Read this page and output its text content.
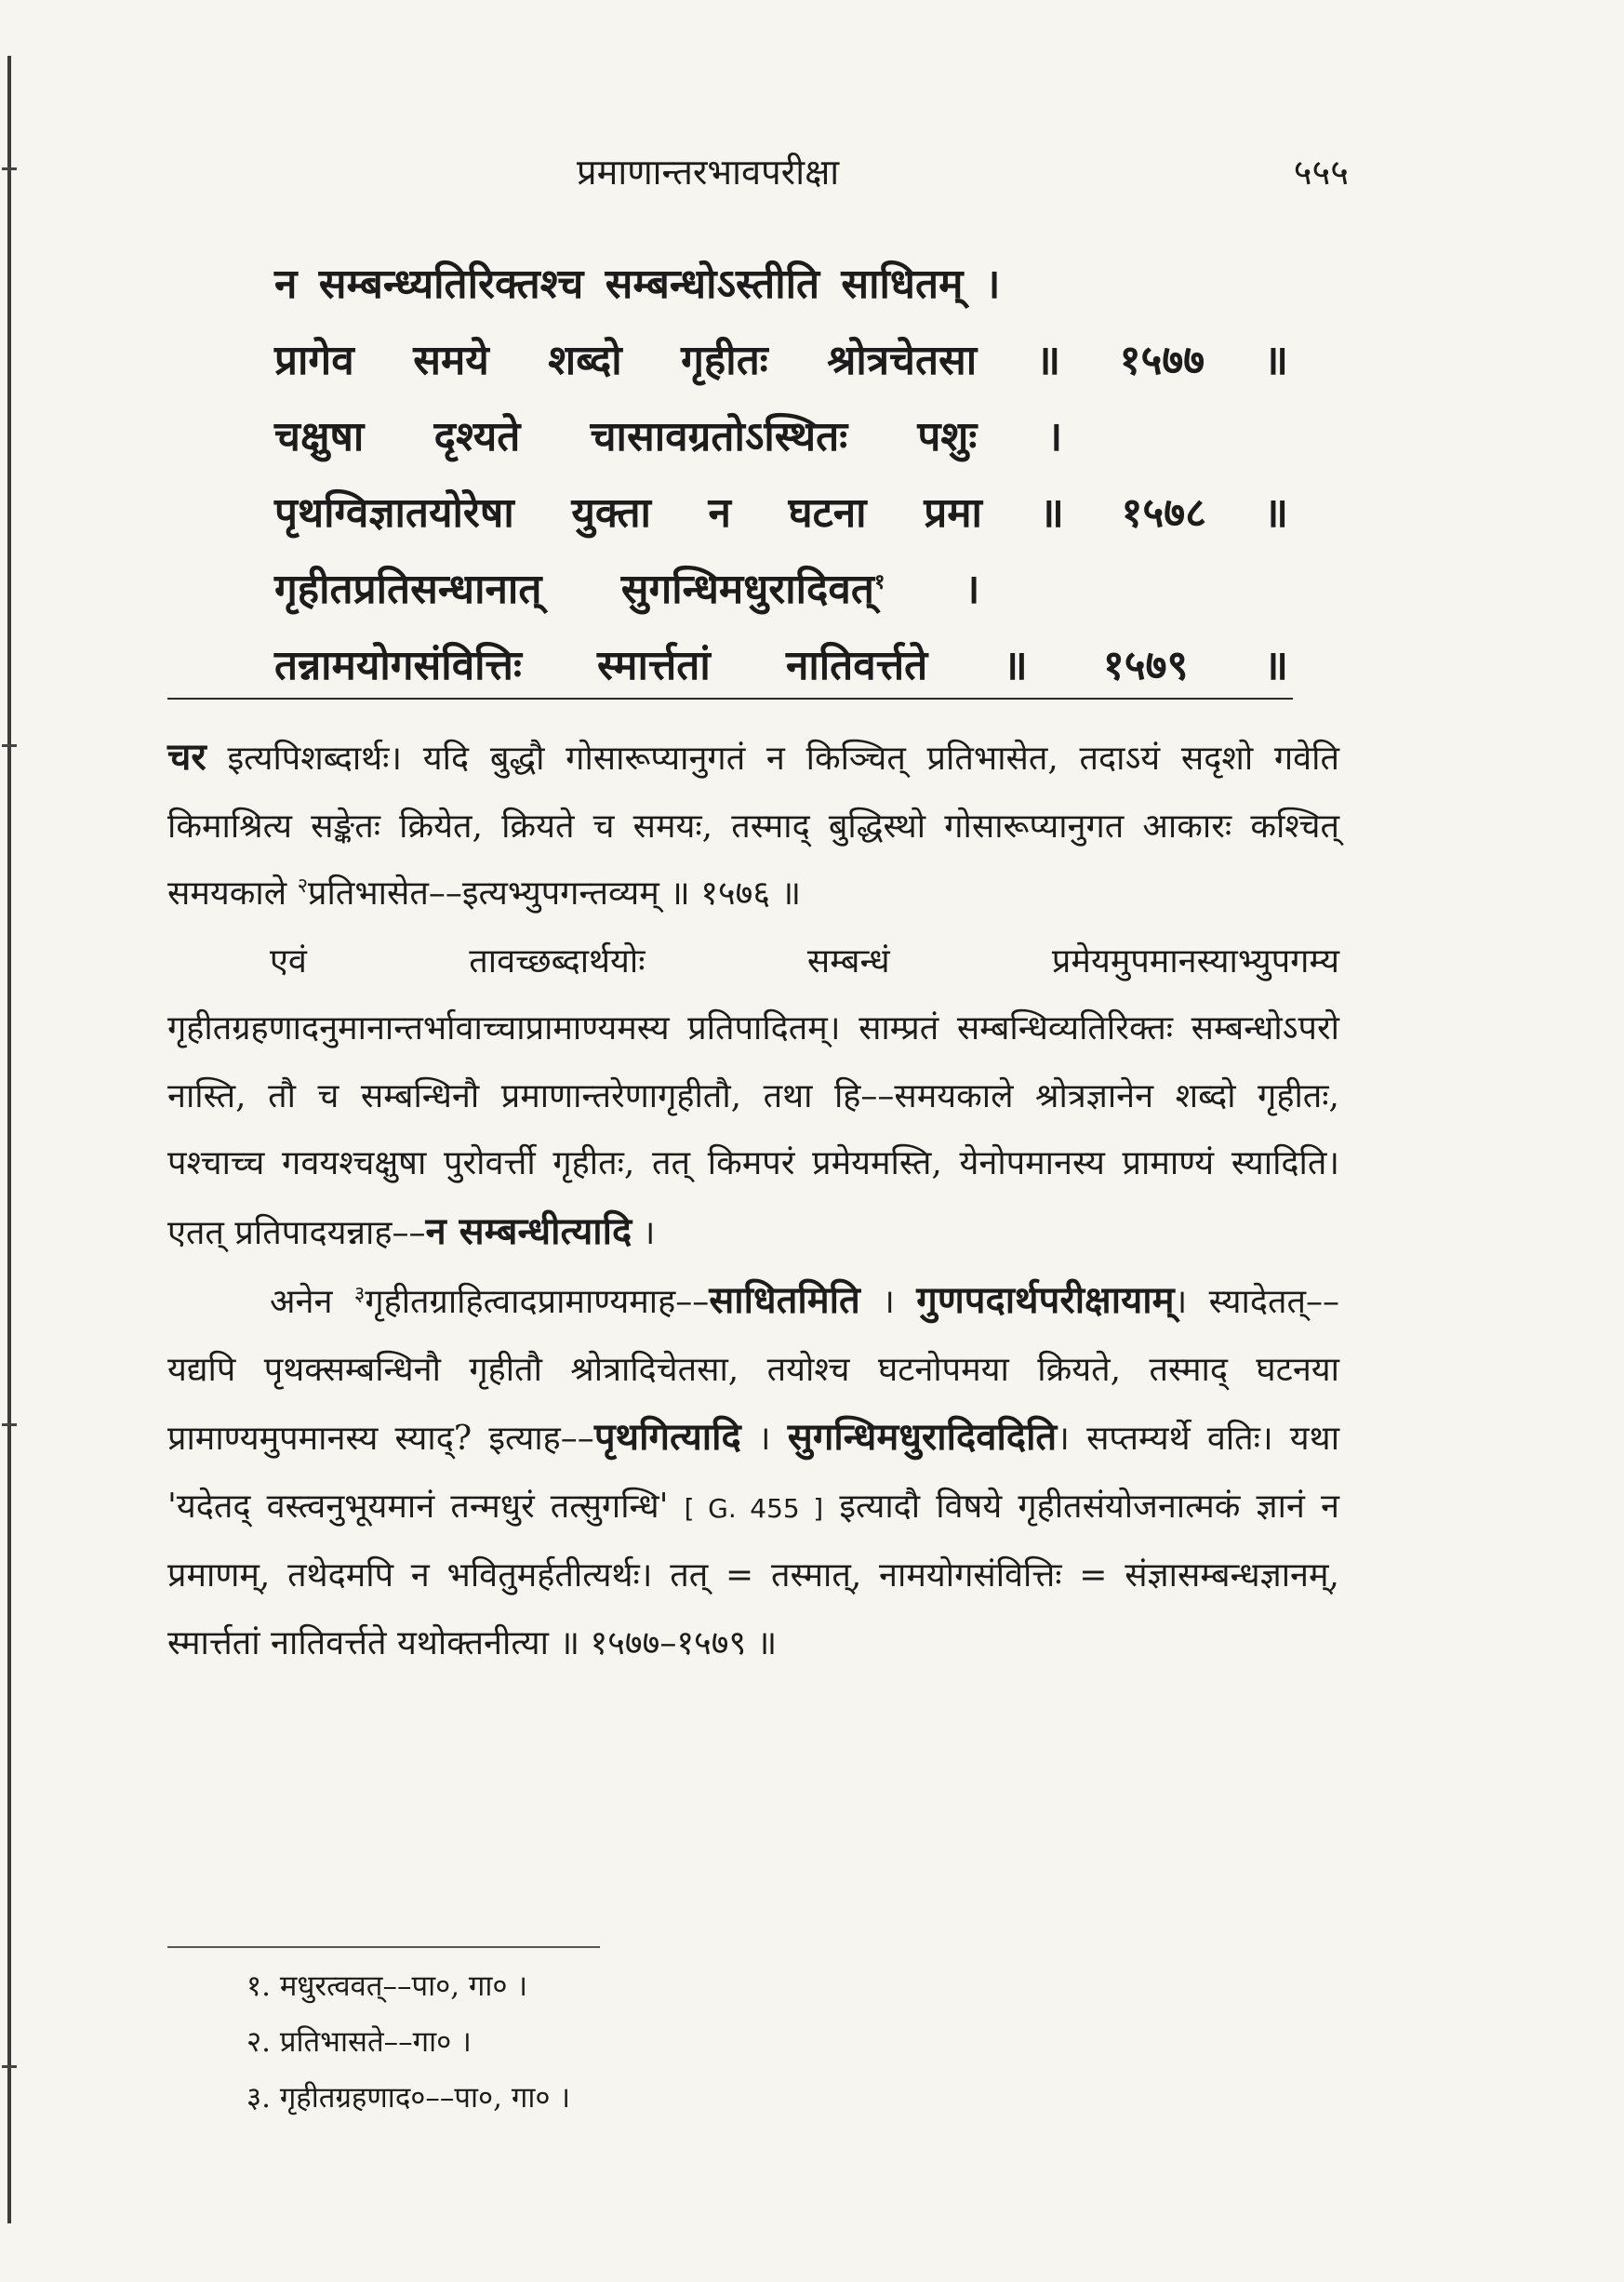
प्रमाणान्तरभावपरीक्षा	५५५
न सम्बन्ध्यतिरिक्तश्च सम्बन्धोऽस्तीति साधितम् ।
प्रागेव समये शब्दो गृहीतः श्रोत्रचेतसा ॥ १५७७ ॥
चक्षुषा दृश्यते चासावग्रतोऽस्थितः पशुः ।
पृथग्विज्ञातयोरेषा युक्ता न घटना प्रमा ॥ १५७८ ॥
गृहीतप्रतिसन्धानात् सुगन्धिमधुरादिवत्$^१$ ।
तन्नामयोगसंवित्तिः स्मार्त्ततां नातिवर्त्तते ॥ १५७९ ॥

चर इत्यपिशब्दार्थः। यदि बुद्धौ गोसारूप्यानुगतं न किञ्चित् प्रतिभासेत, तदाऽयं सदृशो गवेति किमाश्रित्य सङ्केतः क्रियेत, क्रियते च समयः, तस्माद् बुद्धिस्थो गोसारूप्यानुगत आकारः कश्चित् समयकाले $^२$प्रतिभासेत––इत्यभ्युपगन्तव्यम् ॥ १५७६ ॥

एवं तावच्छब्दार्थयोः सम्बन्धं प्रमेयमुपमानस्याभ्युपगम्य गृहीतग्रहणादनुमानान्तर्भावाच्चाप्रामाण्यमस्य प्रतिपादितम्। साम्प्रतं सम्बन्धिव्यतिरिक्तः सम्बन्धोऽपरो नास्ति, तौ च सम्बन्धिनौ प्रमाणान्तरेणागृहीतौ, तथा हि––समयकाले श्रोत्रज्ञानेन शब्दो गृहीतः, पश्चाच्च गवयश्चक्षुषा पुरोवर्त्ती गृहीतः, तत् किमपरं प्रमेयमस्ति, येनोपमानस्य प्रामाण्यं स्यादिति। एतत् प्रतिपादयन्नाह––न सम्बन्धीत्यादि ।

अनेन $^३$गृहीतग्राहित्वादप्रामाण्यमाह––साधितमिति । गुणपदार्थपरीक्षायाम्। स्यादेतत्––यद्यपि पृथक्सम्बन्धिनौ गृहीतौ श्रोत्रादिचेतसा, तयोश्च घटनोपमया क्रियते, तस्माद् घटनया प्रामाण्यमुपमानस्य स्याद्? इत्याह––पृथगित्यादि । सुगन्धिमधुरादिवदिति। सप्तम्यर्थे वतिः। यथा 'यदेतद् वस्त्वनुभूयमानं तन्मधुरं तत्सुगन्धि' [ G. 455 ] इत्यादौ विषये गृहीतसंयोजनात्मकं ज्ञानं न प्रमाणम्, तथेदमपि न भवितुमर्हतीत्यर्थः। तत् = तस्मात्, नामयोगसंवित्तिः = संज्ञासम्बन्धज्ञानम्, स्मार्त्ततां नातिवर्त्तते यथोक्तनीत्या ॥ १५७७–१५७९ ॥

१. मधुरत्ववत्––पा०, गा० ।
२. प्रतिभासते––गा० ।
३. गृहीतग्रहणाद०––पा०, गा० ।
